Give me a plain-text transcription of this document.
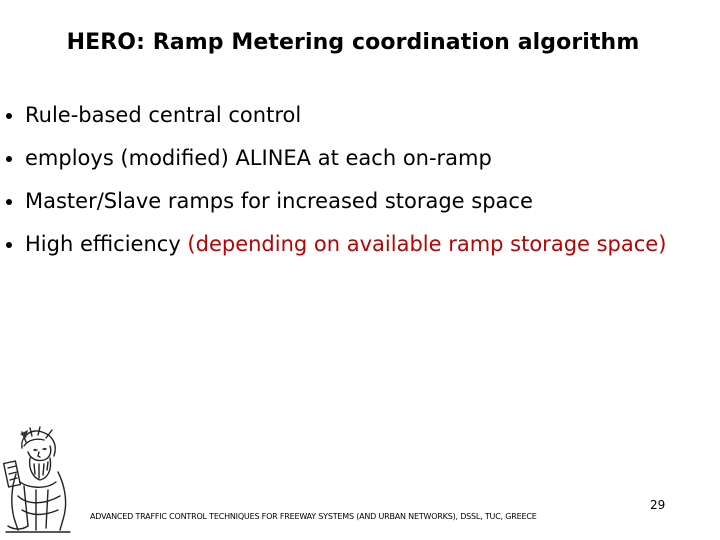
HERO: Ramp Metering coordination algorithm
Rule-based central control
employs (modified) ALINEA at each on-ramp
Master/Slave ramps for increased storage space
High efficiency (depending on available ramp storage space)
ADVANCED TRAFFIC CONTROL TECHNIQUES FOR FREEWAY SYSTEMS (AND URBAN NETWORKS), DSSL, TUC, GREECE
29
